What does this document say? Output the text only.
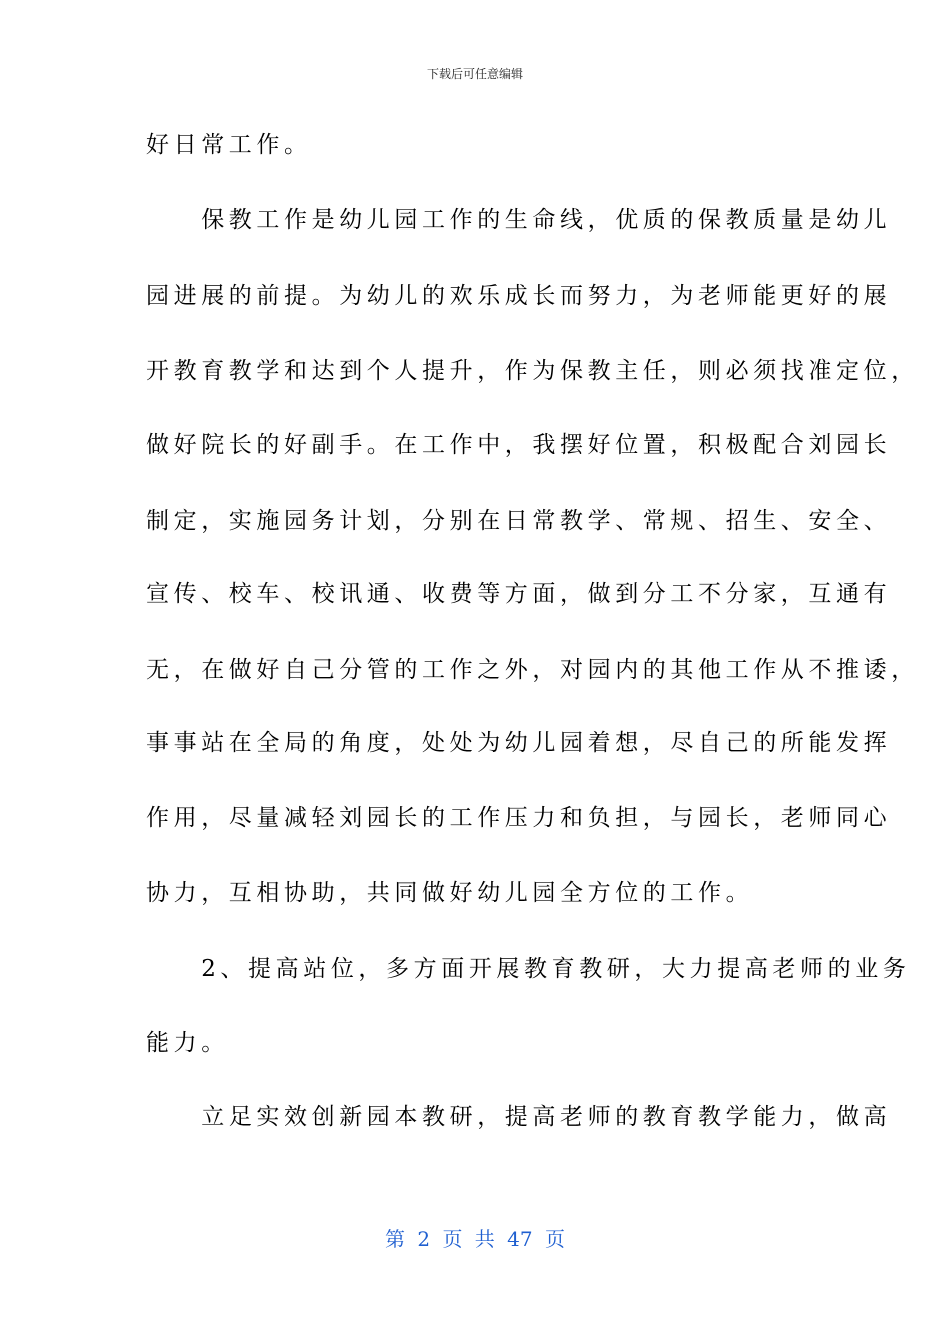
下载后可任意编辑
好日常工作。
　　保教工作是幼儿园工作的生命线，优质的保教质量是幼儿
园进展的前提。为幼儿的欢乐成长而努力，为老师能更好的展
开教育教学和达到个人提升，作为保教主任，则必须找准定位，
做好院长的好副手。在工作中，我摆好位置，积极配合刘园长
制定，实施园务计划，分别在日常教学、常规、招生、安全、
宣传、校车、校讯通、收费等方面，做到分工不分家，互通有
无，在做好自己分管的工作之外，对园内的其他工作从不推诿，
事事站在全局的角度，处处为幼儿园着想，尽自己的所能发挥
作用，尽量减轻刘园长的工作压力和负担，与园长，老师同心
协力，互相协助，共同做好幼儿园全方位的工作。
　　2、提高站位，多方面开展教育教研，大力提高老师的业务
能力。
　　立足实效创新园本教研，提高老师的教育教学能力，做高
第 2 页 共 47 页
